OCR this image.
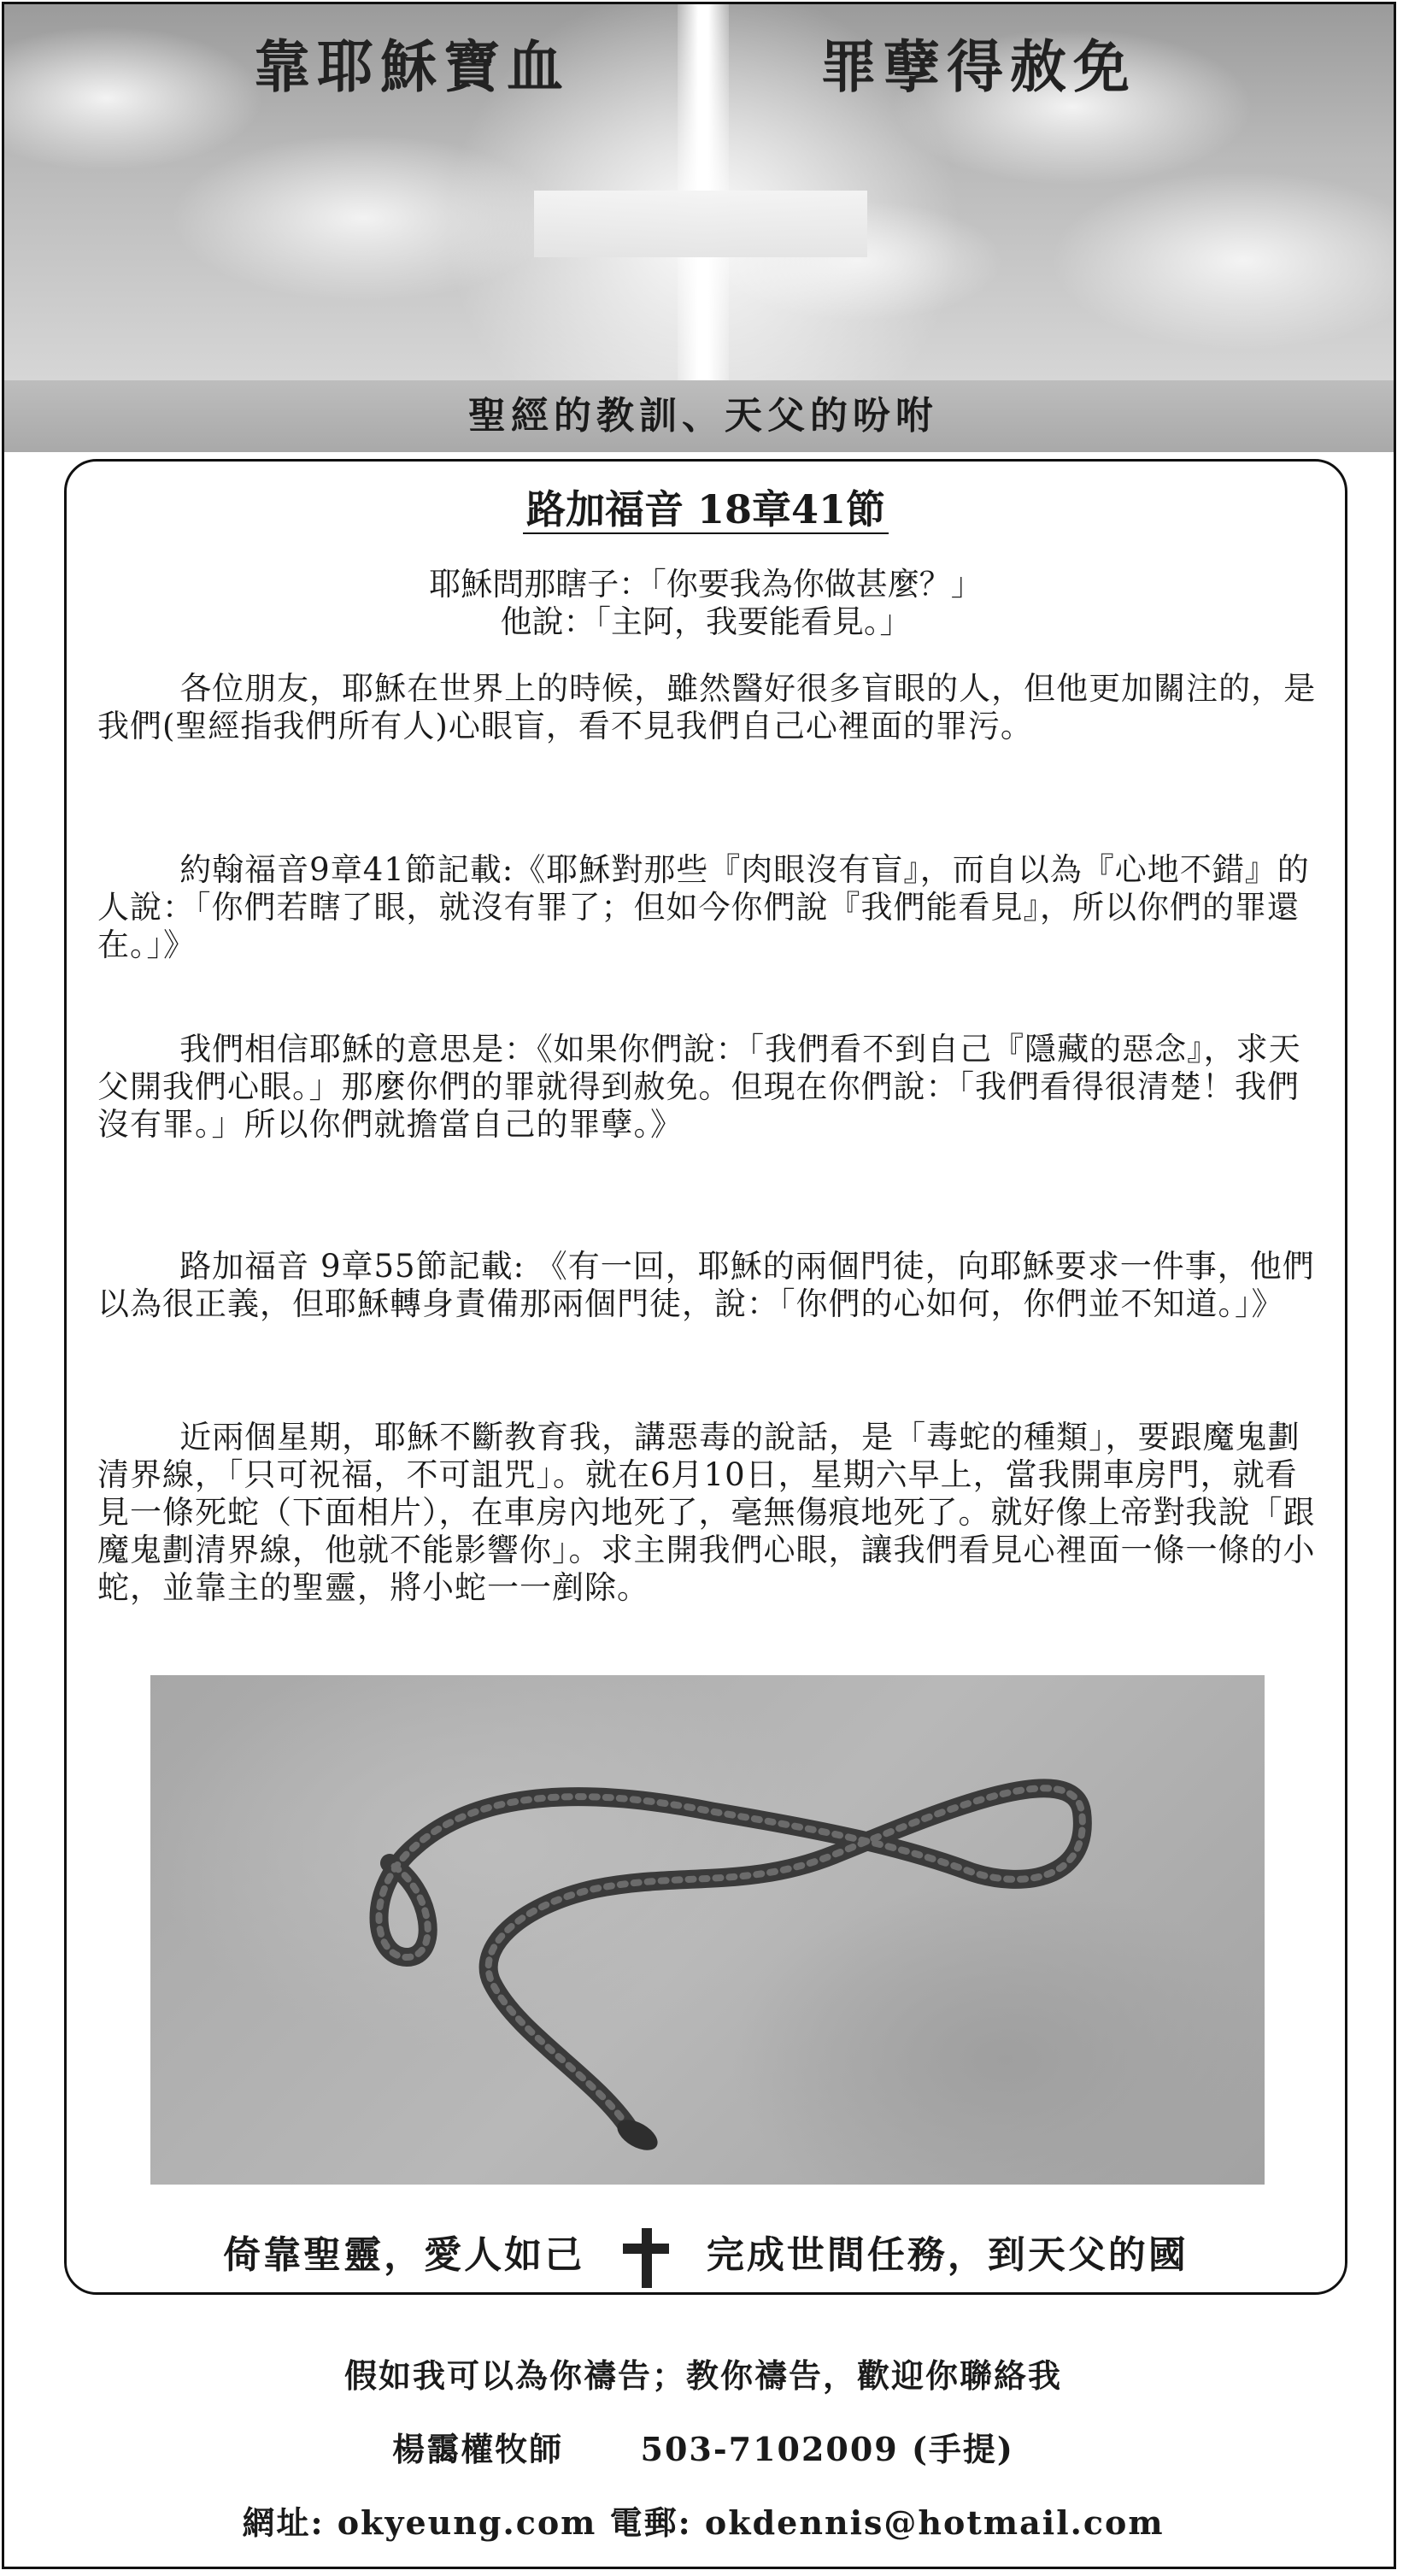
靠耶穌寶血	罪孽得赦免
聖經的教訓、天父的吩咐
路加福音 18章41節
耶穌問那瞎子：「你要我為你做甚麼？」
他說：「主阿，我要能看見。」
各位朋友，耶穌在世界上的時候，雖然醫好很多盲眼的人，但他更加關注的，是我們(聖經指我們所有人)心眼盲，看不見我們自己心裡面的罪污。
約翰福音9章41節記載:《耶穌對那些『肉眼沒有盲』，而自以為『心地不錯』的人說：「你們若瞎了眼，就沒有罪了；但如今你們說『我們能看見』，所以你們的罪還在。」》
我們相信耶穌的意思是：《如果你們說：「我們看不到自己『隱藏的惡念』，求天父開我們心眼。」那麼你們的罪就得到赦免。但現在你們說：「我們看得很清楚！我們沒有罪。」所以你們就擔當自己的罪孽。》
路加福音 9章55節記載: 《有一回，耶穌的兩個門徒，向耶穌要求一件事，他們以為很正義，但耶穌轉身責備那兩個門徒，說：「你們的心如何，你們並不知道。」》
近兩個星期，耶穌不斷教育我，講惡毒的說話，是「毒蛇的種類」，要跟魔鬼劃清界線，「只可祝福，不可詛咒」。就在6月10日，星期六早上，當我開車房門，就看見一條死蛇（下面相片），在車房內地死了，毫無傷痕地死了。就好像上帝對我說「跟魔鬼劃清界線，他就不能影響你」。求主開我們心眼，讓我們看見心裡面一條一條的小蛇，並靠主的聖靈，將小蛇一一剷除。
倚靠聖靈，愛人如己	完成世間任務，到天父的國
假如我可以為你禱告；教你禱告，歡迎你聯絡我
楊靄權牧師 503-7102009 (手提)
網址: okyeung.com 電郵: okdennis@hotmail.com
